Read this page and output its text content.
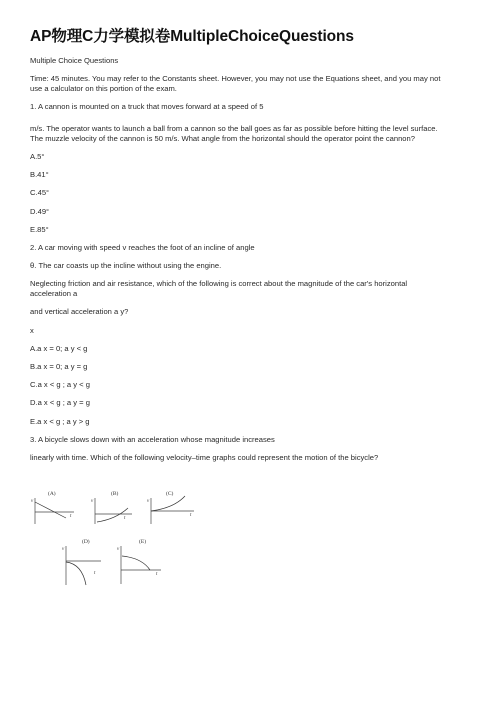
AP物理C力学模拟卷MultipleChoiceQuestions
Multiple Choice Questions
Time: 45 minutes. You may refer to the Constants sheet. However, you may not use the Equations sheet, and you may not
use a calculator on this portion of the exam.
1. A cannon is mounted on a truck that moves forward at a speed of 5
m/s. The operator wants to launch a ball from a cannon so the ball goes as far as possible before hitting the level surface.
The muzzle velocity of the cannon is 50 m/s. What angle from the horizontal should the operator point the cannon?
A.5°
B.41°
C.45°
D.49°
E.85°
2. A car moving with speed v reaches the foot of an incline of angle
θ. The car coasts up the incline without using the engine.
Neglecting friction and air resistance, which of the following is correct about the magnitude of the car's horizontal
acceleration a
and vertical acceleration a y?
x
A.a x = 0; a y < g
B.a x = 0; a y = g
C.a x < g ; a y < g
D.a x < g ; a y = g
E.a x < g ; a y > g
3. A bicycle slows down with an acceleration whose magnitude increases
linearly with time. Which of the following velocity–time graphs could represent the motion of the bicycle?
(A)
v
t
(B)
v
t
(C)
v
t
(D)
v
t
(E)
v
t
